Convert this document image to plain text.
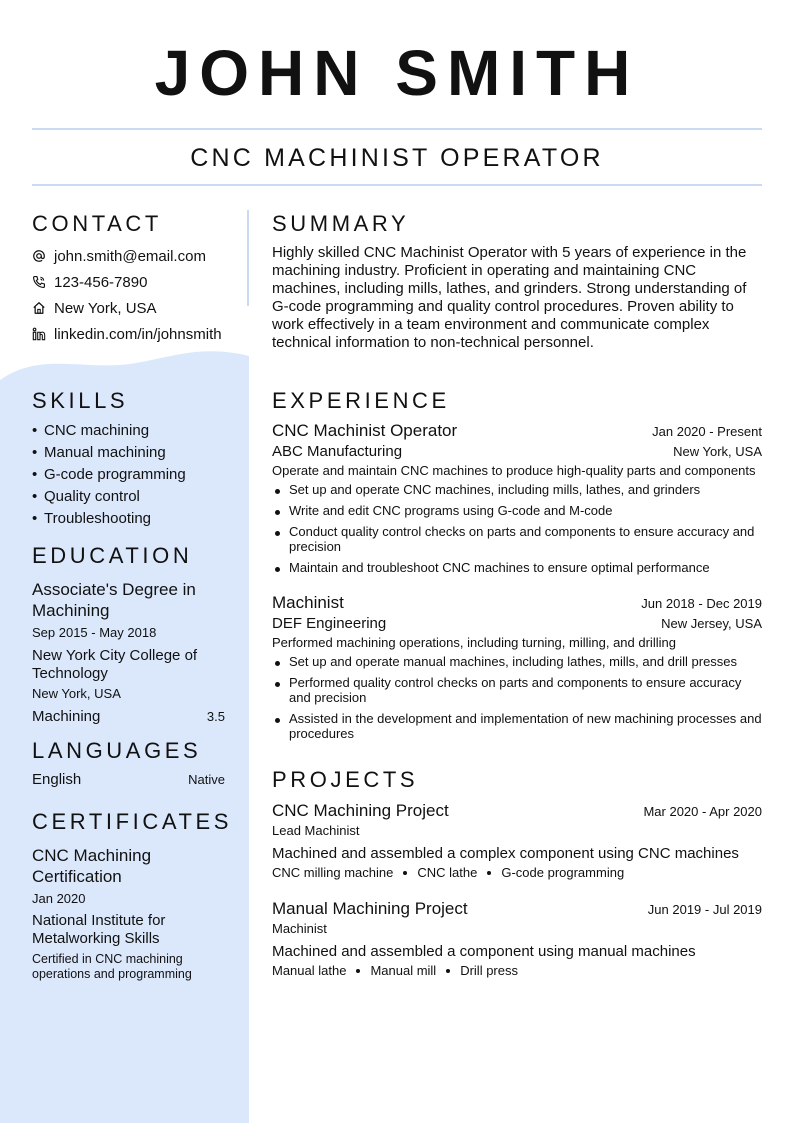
JOHN SMITH
CNC MACHINIST OPERATOR
CONTACT
john.smith@email.com
123-456-7890
New York, USA
linkedin.com/in/johnsmith
SKILLS
• CNC machining
• Manual machining
• G-code programming
• Quality control
• Troubleshooting
EDUCATION
Associate's Degree in Machining
Sep 2015 - May 2018
New York City College of Technology
New York, USA
Machining	3.5
LANGUAGES
English	Native
CERTIFICATES
CNC Machining Certification
Jan 2020
National Institute for Metalworking Skills
Certified in CNC machining operations and programming
SUMMARY
Highly skilled CNC Machinist Operator with 5 years of experience in the machining industry. Proficient in operating and maintaining CNC machines, including mills, lathes, and grinders. Strong understanding of G-code programming and quality control procedures. Proven ability to work effectively in a team environment and communicate complex technical information to non-technical personnel.
EXPERIENCE
CNC Machinist Operator	Jan 2020 - Present
ABC Manufacturing	New York, USA
Operate and maintain CNC machines to produce high-quality parts and components
Set up and operate CNC machines, including mills, lathes, and grinders
Write and edit CNC programs using G-code and M-code
Conduct quality control checks on parts and components to ensure accuracy and precision
Maintain and troubleshoot CNC machines to ensure optimal performance
Machinist	Jun 2018 - Dec 2019
DEF Engineering	New Jersey, USA
Performed machining operations, including turning, milling, and drilling
Set up and operate manual machines, including lathes, mills, and drill presses
Performed quality control checks on parts and components to ensure accuracy and precision
Assisted in the development and implementation of new machining processes and procedures
PROJECTS
CNC Machining Project	Mar 2020 - Apr 2020
Lead Machinist
Machined and assembled a complex component using CNC machines
CNC milling machine CNC lathe G-code programming
Manual Machining Project	Jun 2019 - Jul 2019
Machinist
Machined and assembled a component using manual machines
Manual lathe Manual mill Drill press
